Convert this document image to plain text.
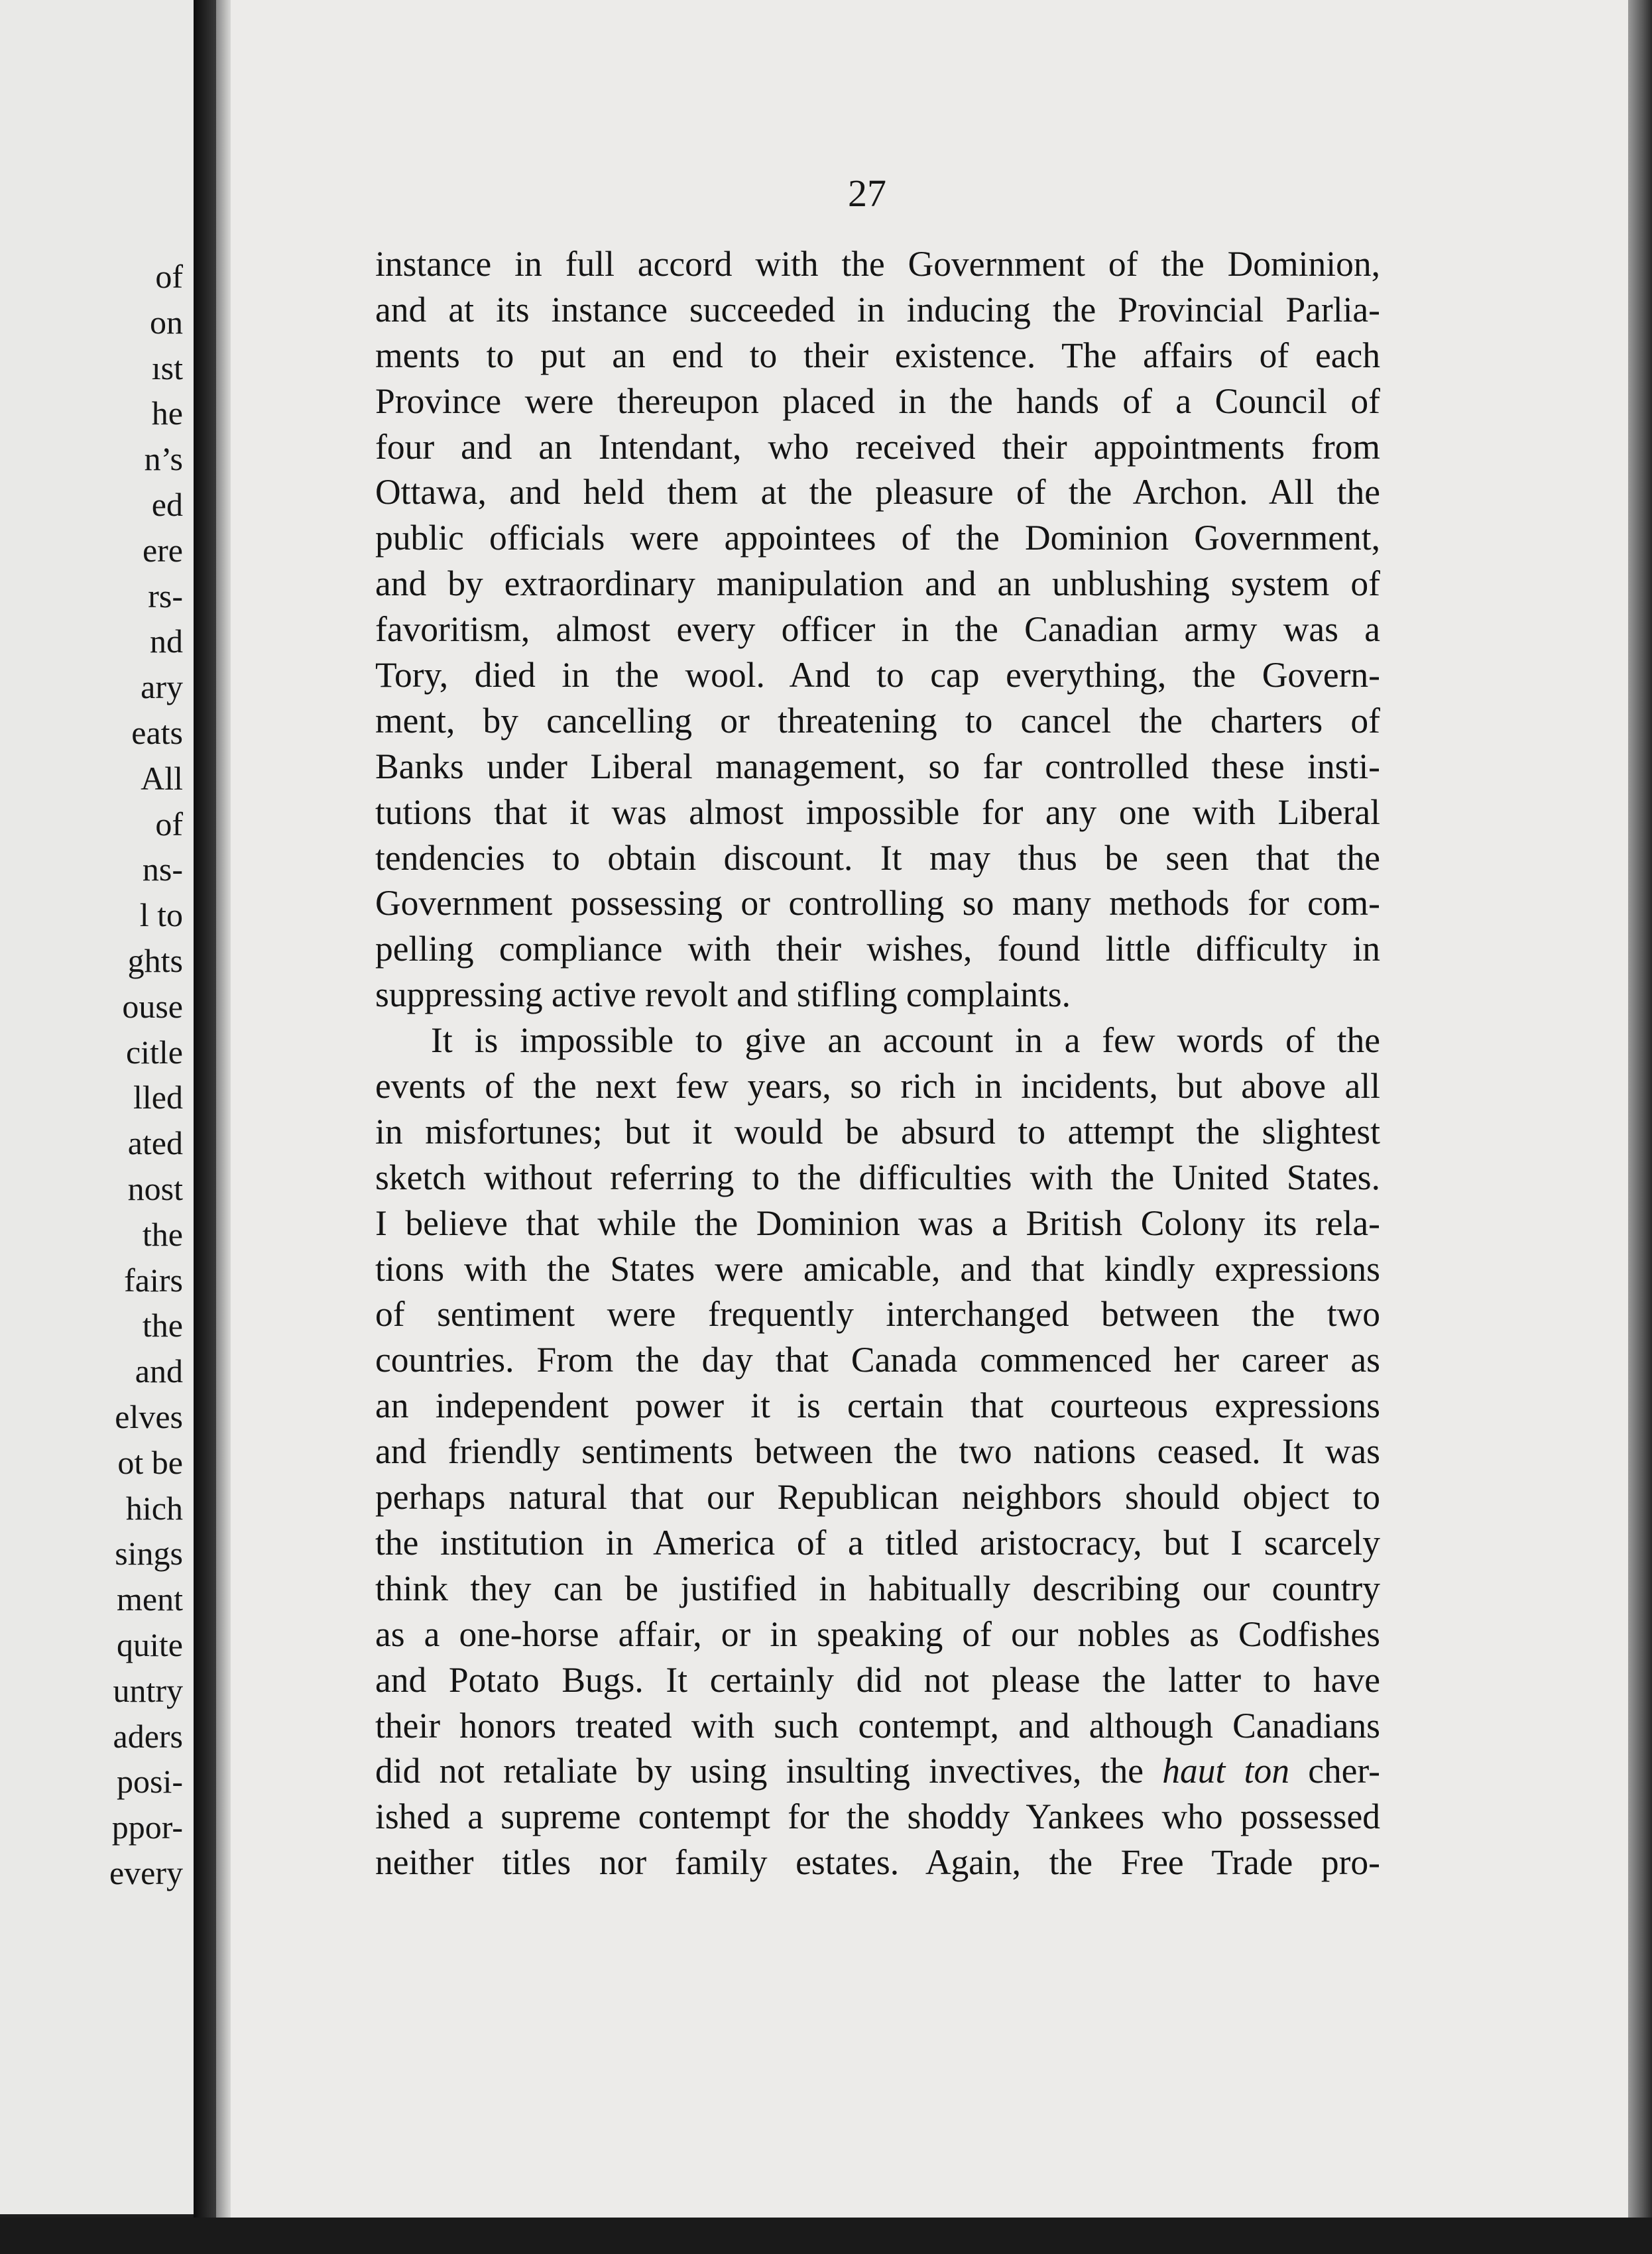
of
on
ıst
he
n’s
ed
ere
rs-
nd
ary
eats
All
of
ns-
l to
ghts
ouse
citle
lled
ated
nost
the
fairs
the
and
elves
ot be
hich
sings
ment
quite
untry
aders
posi-
ppor-
every
27
instance in full accord with the Government of the Dominion,
and at its instance succeeded in inducing the Provincial Parlia-
ments to put an end to their existence. The affairs of each
Province were thereupon placed in the hands of a Council of
four and an Intendant, who received their appointments from
Ottawa, and held them at the pleasure of the Archon. All the
public officials were appointees of the Dominion Government,
and by extraordinary manipulation and an unblushing system of
favoritism, almost every officer in the Canadian army was a
Tory, died in the wool. And to cap everything, the Govern-
ment, by cancelling or threatening to cancel the charters of
Banks under Liberal management, so far controlled these insti-
tutions that it was almost impossible for any one with Liberal
tendencies to obtain discount. It may thus be seen that the
Government possessing or controlling so many methods for com-
pelling compliance with their wishes, found little difficulty in
suppressing active revolt and stifling complaints.
It is impossible to give an account in a few words of the
events of the next few years, so rich in incidents, but above all
in misfortunes; but it would be absurd to attempt the slightest
sketch without referring to the difficulties with the United States.
I believe that while the Dominion was a British Colony its rela-
tions with the States were amicable, and that kindly expressions
of sentiment were frequently interchanged between the two
countries. From the day that Canada commenced her career as
an independent power it is certain that courteous expressions
and friendly sentiments between the two nations ceased. It was
perhaps natural that our Republican neighbors should object to
the institution in America of a titled aristocracy, but I scarcely
think they can be justified in habitually describing our country
as a one-horse affair, or in speaking of our nobles as Codfishes
and Potato Bugs. It certainly did not please the latter to have
their honors treated with such contempt, and although Canadians
did not retaliate by using insulting invectives, the haut ton cher-
ished a supreme contempt for the shoddy Yankees who possessed
neither titles nor family estates. Again, the Free Trade pro-
